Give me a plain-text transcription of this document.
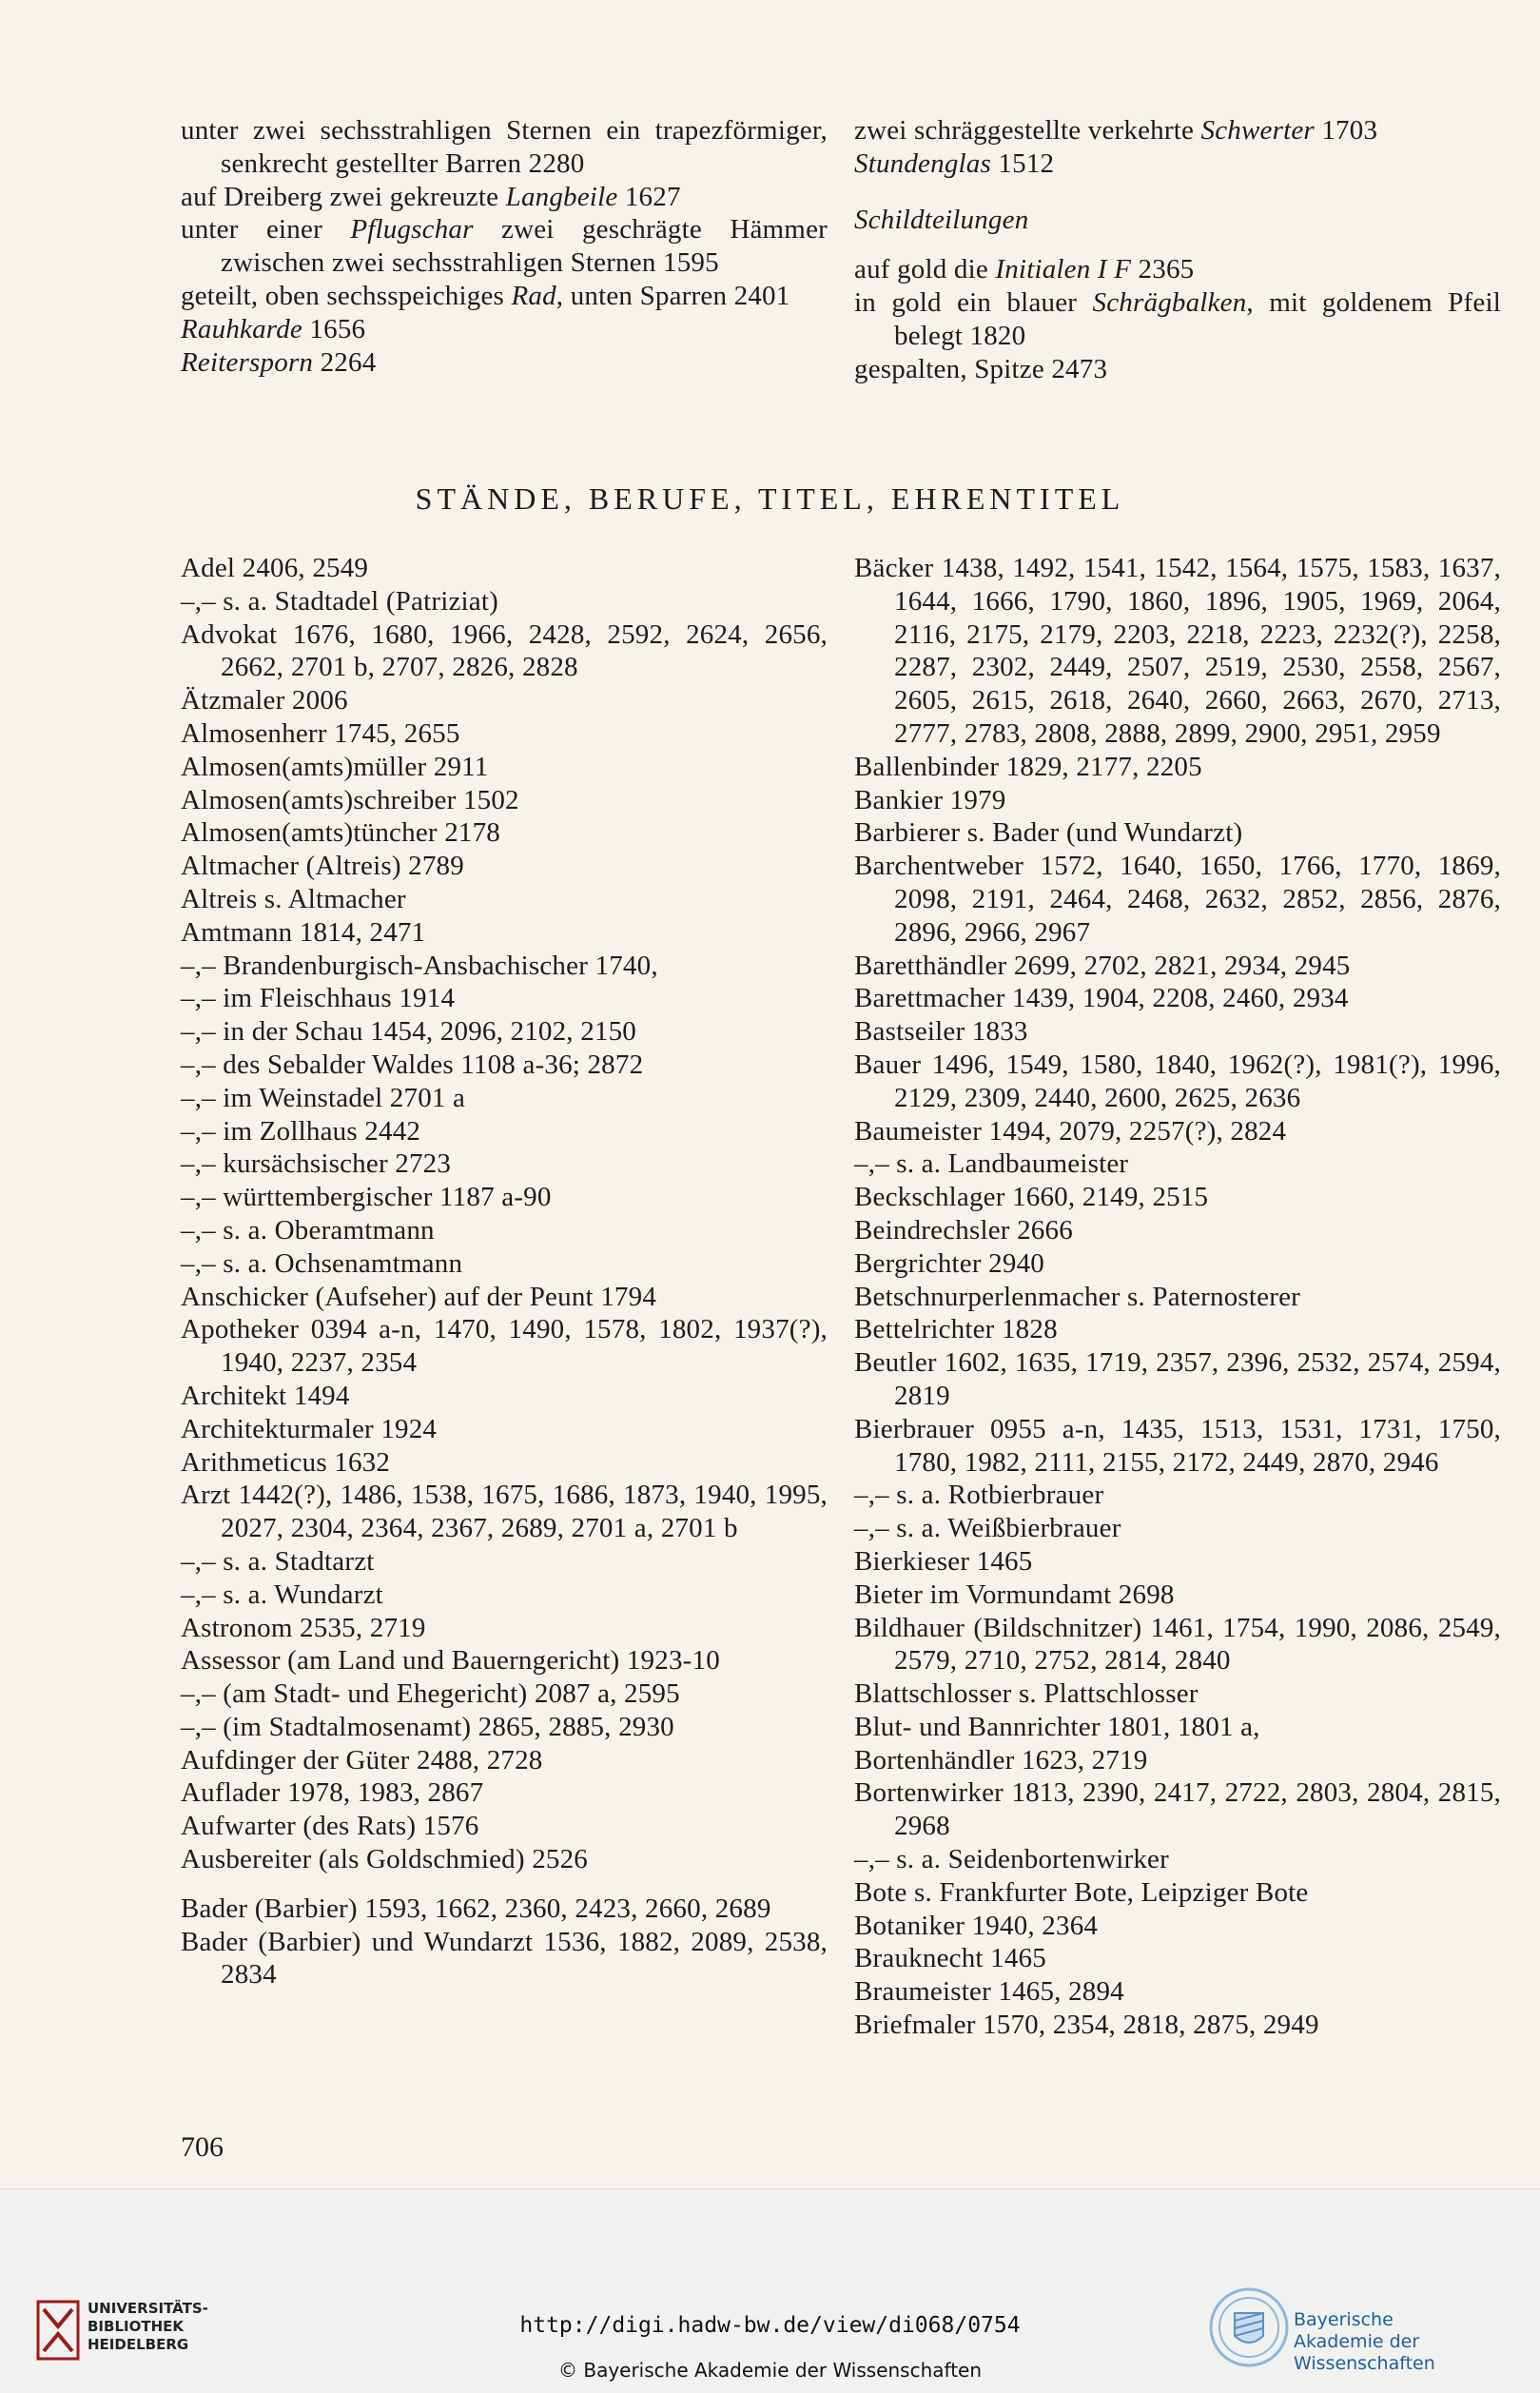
unter zwei sechsstrahligen Sternen ein trapezförmiger, senkrecht gestellter Barren 2280
auf Dreiberg zwei gekreuzte Langbeile 1627
unter einer Pflugschar zwei geschrägte Hämmer zwischen zwei sechsstrahligen Sternen 1595
geteilt, oben sechsspeichiges Rad, unten Sparren 2401
Rauhkarde 1656
Reitersporn 2264
zwei schräggestellte verkehrte Schwerter 1703
Stundenglas 1512
Schildteilungen
auf gold die Initialen I F 2365
in gold ein blauer Schrägbalken, mit goldenem Pfeil belegt 1820
gespalten, Spitze 2473
STÄNDE, BERUFE, TITEL, EHRENTITEL
Adel 2406, 2549
–,– s. a. Stadtadel (Patriziat)
Advokat 1676, 1680, 1966, 2428, 2592, 2624, 2656, 2662, 2701 b, 2707, 2826, 2828
Ätzmaler 2006
Almosenherr 1745, 2655
Almosen(amts)müller 2911
Almosen(amts)schreiber 1502
Almosen(amts)tüncher 2178
Altmacher (Altreis) 2789
Altreis s. Altmacher
Amtmann 1814, 2471
–,– Brandenburgisch-Ansbachischer 1740,
–,– im Fleischhaus 1914
–,– in der Schau 1454, 2096, 2102, 2150
–,– des Sebalder Waldes 1108 a-36; 2872
–,– im Weinstadel 2701 a
–,– im Zollhaus 2442
–,– kursächsischer 2723
–,– württembergischer 1187 a-90
–,– s. a. Oberamtmann
–,– s. a. Ochsenamtmann
Anschicker (Aufseher) auf der Peunt 1794
Apotheker 0394 a-n, 1470, 1490, 1578, 1802, 1937(?), 1940, 2237, 2354
Architekt 1494
Architekturmaler 1924
Arithmeticus 1632
Arzt 1442(?), 1486, 1538, 1675, 1686, 1873, 1940, 1995, 2027, 2304, 2364, 2367, 2689, 2701 a, 2701 b
–,– s. a. Stadtarzt
–,– s. a. Wundarzt
Astronom 2535, 2719
Assessor (am Land und Bauerngericht) 1923-10
–,– (am Stadt- und Ehegericht) 2087 a, 2595
–,– (im Stadtalmosenamt) 2865, 2885, 2930
Aufdinger der Güter 2488, 2728
Auflader 1978, 1983, 2867
Aufwarter (des Rats) 1576
Ausbereiter (als Goldschmied) 2526
Bader (Barbier) 1593, 1662, 2360, 2423, 2660, 2689
Bader (Barbier) und Wundarzt 1536, 1882, 2089, 2538, 2834
Bäcker 1438, 1492, 1541, 1542, 1564, 1575, 1583, 1637, 1644, 1666, 1790, 1860, 1896, 1905, 1969, 2064, 2116, 2175, 2179, 2203, 2218, 2223, 2232(?), 2258, 2287, 2302, 2449, 2507, 2519, 2530, 2558, 2567, 2605, 2615, 2618, 2640, 2660, 2663, 2670, 2713, 2777, 2783, 2808, 2888, 2899, 2900, 2951, 2959
Ballenbinder 1829, 2177, 2205
Bankier 1979
Barbierer s. Bader (und Wundarzt)
Barchentweber 1572, 1640, 1650, 1766, 1770, 1869, 2098, 2191, 2464, 2468, 2632, 2852, 2856, 2876, 2896, 2966, 2967
Baretthändler 2699, 2702, 2821, 2934, 2945
Barettmacher 1439, 1904, 2208, 2460, 2934
Bastseiler 1833
Bauer 1496, 1549, 1580, 1840, 1962(?), 1981(?), 1996, 2129, 2309, 2440, 2600, 2625, 2636
Baumeister 1494, 2079, 2257(?), 2824
–,– s. a. Landbaumeister
Beckschlager 1660, 2149, 2515
Beindrechsler 2666
Bergrichter 2940
Betschnurperlenmacher s. Paternosterer
Bettelrichter 1828
Beutler 1602, 1635, 1719, 2357, 2396, 2532, 2574, 2594, 2819
Bierbrauer 0955 a-n, 1435, 1513, 1531, 1731, 1750, 1780, 1982, 2111, 2155, 2172, 2449, 2870, 2946
–,– s. a. Rotbierbrauer
–,– s. a. Weißbierbrauer
Bierkieser 1465
Bieter im Vormundamt 2698
Bildhauer (Bildschnitzer) 1461, 1754, 1990, 2086, 2549, 2579, 2710, 2752, 2814, 2840
Blattschlosser s. Plattschlosser
Blut- und Bannrichter 1801, 1801 a,
Bortenhändler 1623, 2719
Bortenwirker 1813, 2390, 2417, 2722, 2803, 2804, 2815, 2968
–,– s. a. Seidenbortenwirker
Bote s. Frankfurter Bote, Leipziger Bote
Botaniker 1940, 2364
Brauknecht 1465
Braumeister 1465, 2894
Briefmaler 1570, 2354, 2818, 2875, 2949
706
UNIVERSITÄTS-
BIBLIOTHEK
HEIDELBERG
http://digi.hadw-bw.de/view/di068/0754
© Bayerische Akademie der Wissenschaften
Bayerische
Akademie der Wissenschaften
